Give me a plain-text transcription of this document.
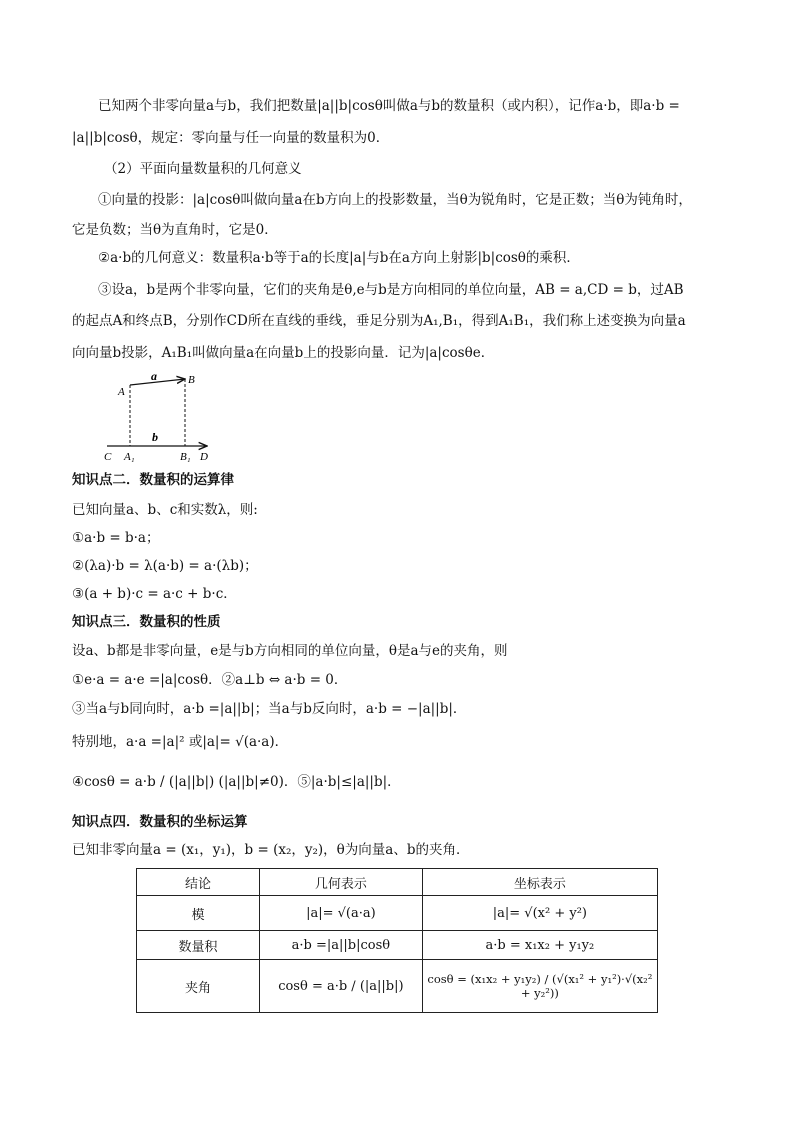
已知两个非零向量a与b，我们把数量|a||b|cosθ叫做a与b的数量积（或内积），记作a·b，即a·b =
|a||b|cosθ，规定：零向量与任一向量的数量积为0．
（2）平面向量数量积的几何意义
①向量的投影：|a|cosθ叫做向量a在b方向上的投影数量，当θ为锐角时，它是正数；当θ为钝角时，
它是负数；当θ为直角时，它是0．
②a·b的几何意义：数量积a·b等于a的长度|a|与b在a方向上射影|b|cosθ的乘积．
③设a，b是两个非零向量，它们的夹角是θ,e与b是方向相同的单位向量，AB = a,CD = b，过AB
的起点A和终点B，分别作CD所在直线的垂线，垂足分别为A₁,B₁，得到A₁B₁，我们称上述变换为向量a
向向量b投影，A₁B₁叫做向量a在向量b上的投影向量．记为|a|cosθe．
a
b
A
B
C A₁	B₁ D
知识点二．数量积的运算律
已知向量a、b、c和实数λ，则:
①a·b = b·a；
②(λa)·b = λ(a·b) = a·(λb)；
③(a + b)·c = a·c + b·c．
知识点三．数量积的性质
设a、b都是非零向量，e是与b方向相同的单位向量，θ是a与e的夹角，则
①e·a = a·e =|a|cosθ．②a⊥b ⇔ a·b = 0．
③当a与b同向时，a·b =|a||b|；当a与b反向时，a·b = −|a||b|．
特别地，a·a =|a|² 或|a|= √(a·a)．
④cosθ = a·b / (|a||b|) (|a||b|≠0)．⑤|a·b|≤|a||b|．
知识点四．数量积的坐标运算
已知非零向量a = (x₁，y₁)，b = (x₂，y₂)，θ为向量a、b的夹角．
结论	几何表示	坐标表示
模	|a|= √(a·a)	|a|= √(x² + y²)
数量积	a·b =|a||b|cosθ	a·b = x₁x₂ + y₁y₂
夹角	cosθ = a·b / (|a||b|)	cosθ = (x₁x₂ + y₁y₂) / (√(x₁² + y₁²)·√(x₂² + y₂²))
